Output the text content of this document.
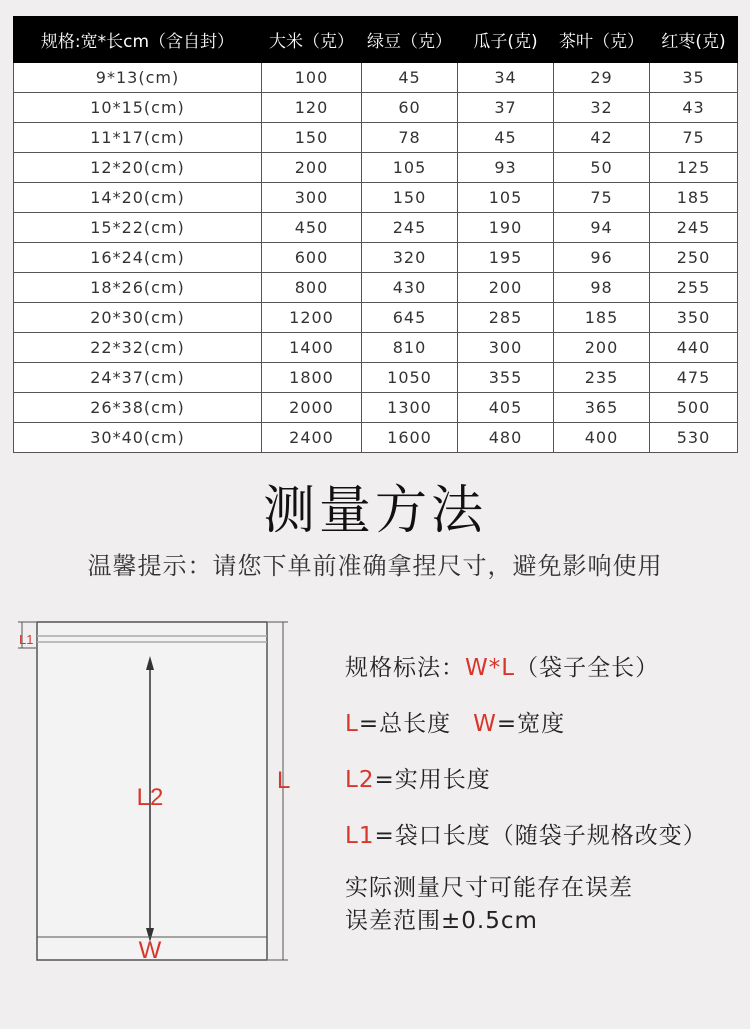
规格:宽*长cm（含自封）	大米（克）	绿豆（克）	瓜子(克)	茶叶（克）	红枣(克)
9*13(cm)	100	45	34	29	35
10*15(cm)	120	60	37	32	43
11*17(cm)	150	78	45	42	75
12*20(cm)	200	105	93	50	125
14*20(cm)	300	150	105	75	185
15*22(cm)	450	245	190	94	245
16*24(cm)	600	320	195	96	250
18*26(cm)	800	430	200	98	255
20*30(cm)	1200	645	285	185	350
22*32(cm)	1400	810	300	200	440
24*37(cm)	1800	1050	355	235	475
26*38(cm)	2000	1300	405	365	500
30*40(cm)	2400	1600	480	400	530
测量方法
温馨提示：请您下单前准确拿捏尺寸，避免影响使用
L1
L2
L
W
规格标法：W*L（袋子全长）
L=总长度 W=宽度
L2=实用长度
L1=袋口长度（随袋子规格改变）
实际测量尺寸可能存在误差
误差范围±0.5cm
